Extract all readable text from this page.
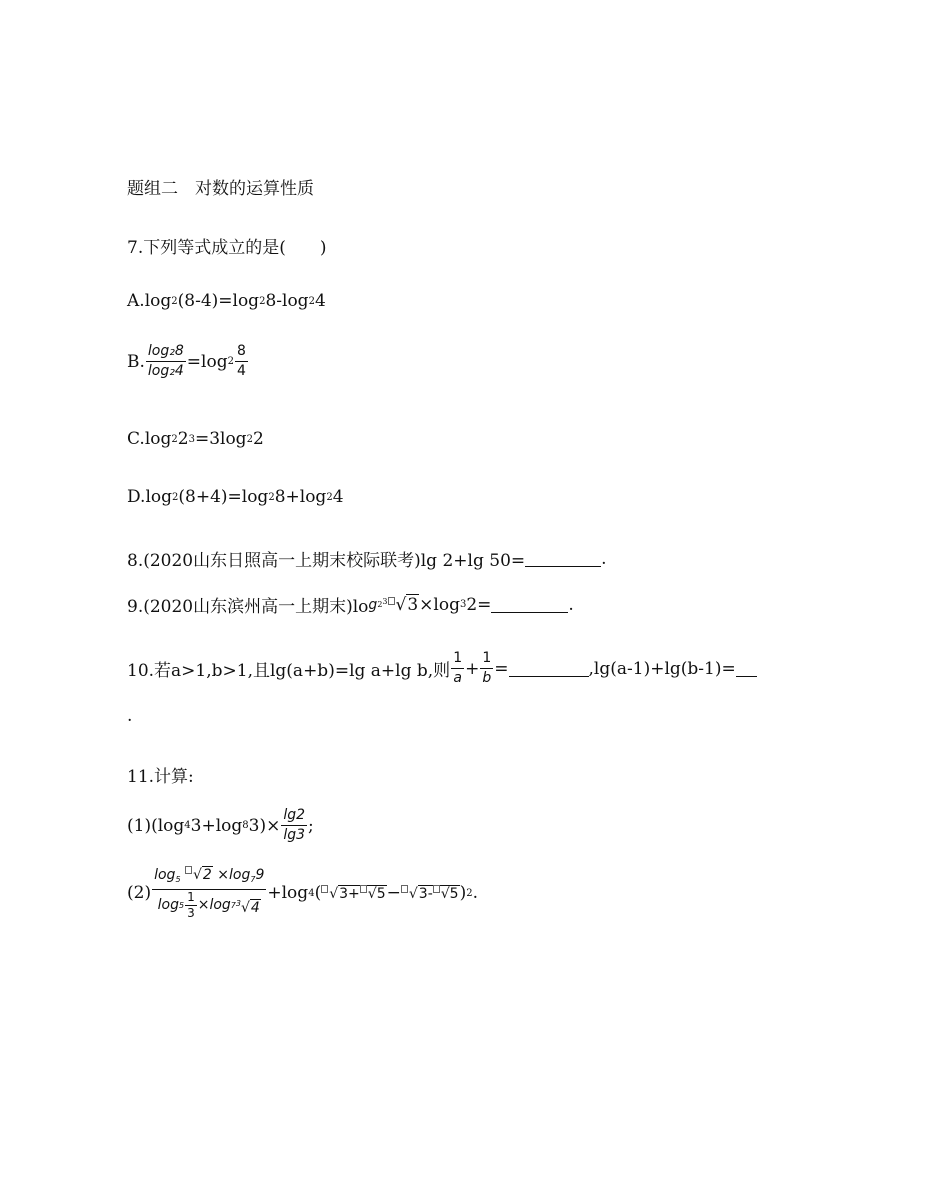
题组二　对数的运算性质
7.下列等式成立的是(　　)
A. log 2 (8-4)=log 2 8-log 2 4
B. $\frac{\text{log₂8}}{\text{log₂4}} =\log$ $2 \frac{8}{4}$
C. log 2 2 3 =3log 2 2
D. log 2 (8+4)=log 2 8+log 2 4
8.(2020山东日照高一上期末校际联考)lg 2+lg 50=	.
9.(2020山东滨州高一上期末)lo g 2 $^3$ √3 ×log 3 2=	.
10.若a>1,b>1,且lg(a+b)=lg a+lg b,则 $\frac{1}{a} + \frac{1}{b}$ =	,lg(a-1)+lg(b-1)=
.
11.计算:
(1)(log 4 3+log 8 $3)\times \frac{\lg 2}{\lg 3}$ ;
$(2) \frac{\log_5 √2 \times\log_79}{\log 5 \frac{1}{3} \times\log 7 ^3√4} +\log$ 4 ( √3+ √5 − √3- √5 ) 2 .
